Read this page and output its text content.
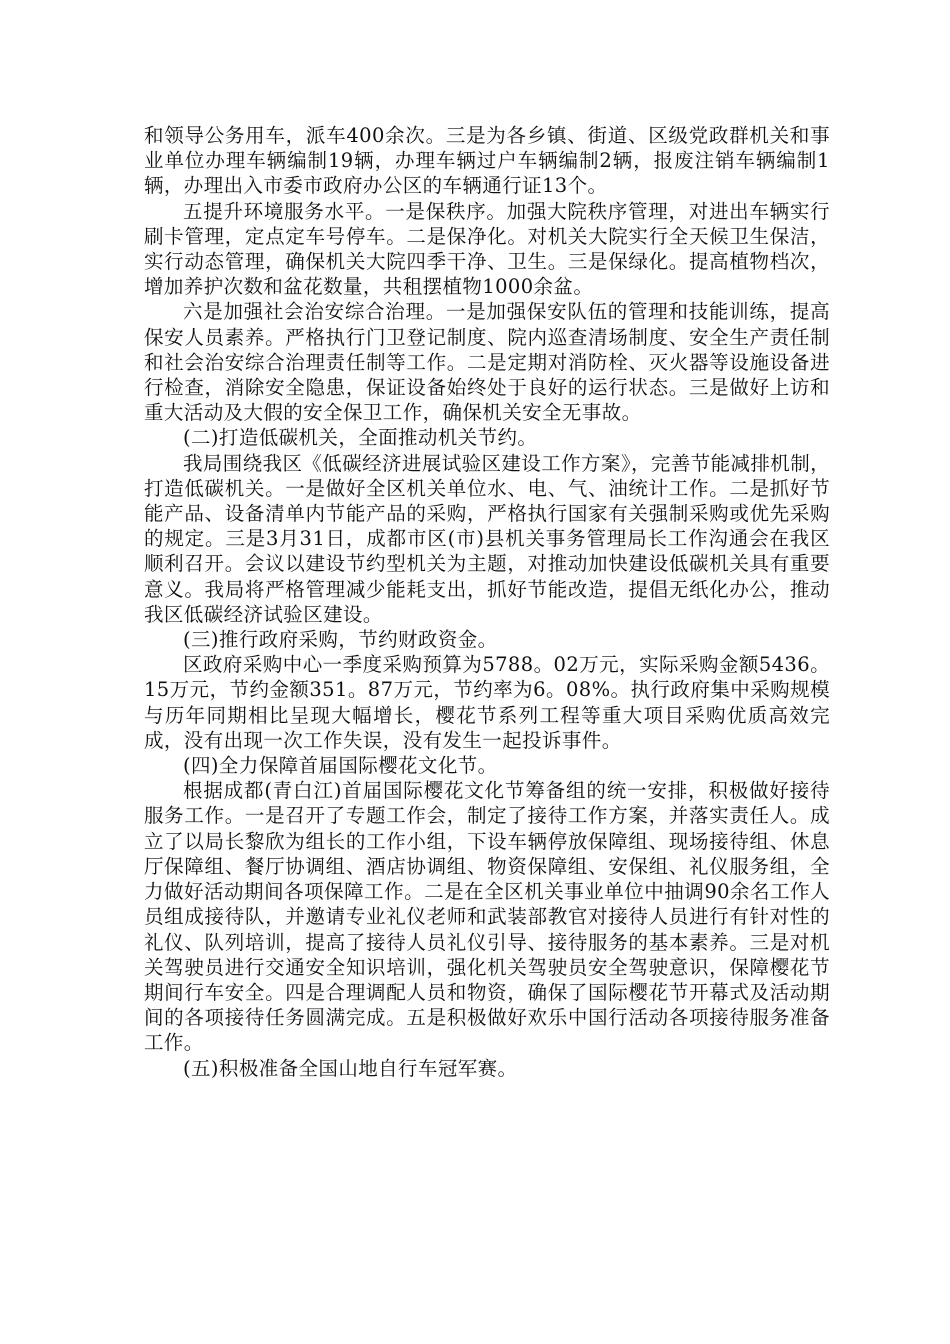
和领导公务用车，派车400余次。三是为各乡镇、街道、区级党政群机关和事业单位办理车辆编制19辆，办理车辆过户车辆编制2辆，报废注销车辆编制1辆，办理出入市委市政府办公区的车辆通行证13个。

五提升环境服务水平。一是保秩序。加强大院秩序管理，对进出车辆实行刷卡管理，定点定车号停车。二是保净化。对机关大院实行全天候卫生保洁，实行动态管理，确保机关大院四季干净、卫生。三是保绿化。提高植物档次，增加养护次数和盆花数量，共租摆植物1000余盆。

六是加强社会治安综合治理。一是加强保安队伍的管理和技能训练，提高保安人员素养。严格执行门卫登记制度、院内巡查清场制度、安全生产责任制和社会治安综合治理责任制等工作。二是定期对消防栓、灭火器等设施设备进行检查，消除安全隐患，保证设备始终处于良好的运行状态。三是做好上访和重大活动及大假的安全保卫工作，确保机关安全无事故。

(二)打造低碳机关，全面推动机关节约。

我局围绕我区《低碳经济进展试验区建设工作方案》，完善节能减排机制，打造低碳机关。一是做好全区机关单位水、电、气、油统计工作。二是抓好节能产品、设备清单内节能产品的采购，严格执行国家有关强制采购或优先采购的规定。三是3月31日，成都市区(市)县机关事务管理局长工作沟通会在我区顺利召开。会议以建设节约型机关为主题，对推动加快建设低碳机关具有重要意义。我局将严格管理减少能耗支出，抓好节能改造，提倡无纸化办公，推动我区低碳经济试验区建设。

(三)推行政府采购，节约财政资金。

区政府采购中心一季度采购预算为5788。02万元，实际采购金额5436。15万元，节约金额351。87万元，节约率为6。08%。执行政府集中采购规模与历年同期相比呈现大幅增长，樱花节系列工程等重大项目采购优质高效完成，没有出现一次工作失误，没有发生一起投诉事件。

(四)全力保障首届国际樱花文化节。

根据成都(青白江)首届国际樱花文化节筹备组的统一安排，积极做好接待服务工作。一是召开了专题工作会，制定了接待工作方案，并落实责任人。成立了以局长黎欣为组长的工作小组，下设车辆停放保障组、现场接待组、休息厅保障组、餐厅协调组、酒店协调组、物资保障组、安保组、礼仪服务组，全力做好活动期间各项保障工作。二是在全区机关事业单位中抽调90余名工作人员组成接待队，并邀请专业礼仪老师和武装部教官对接待人员进行有针对性的礼仪、队列培训，提高了接待人员礼仪引导、接待服务的基本素养。三是对机关驾驶员进行交通安全知识培训，强化机关驾驶员安全驾驶意识，保障樱花节期间行车安全。四是合理调配人员和物资，确保了国际樱花节开幕式及活动期间的各项接待任务圆满完成。五是积极做好欢乐中国行活动各项接待服务准备工作。

(五)积极准备全国山地自行车冠军赛。
